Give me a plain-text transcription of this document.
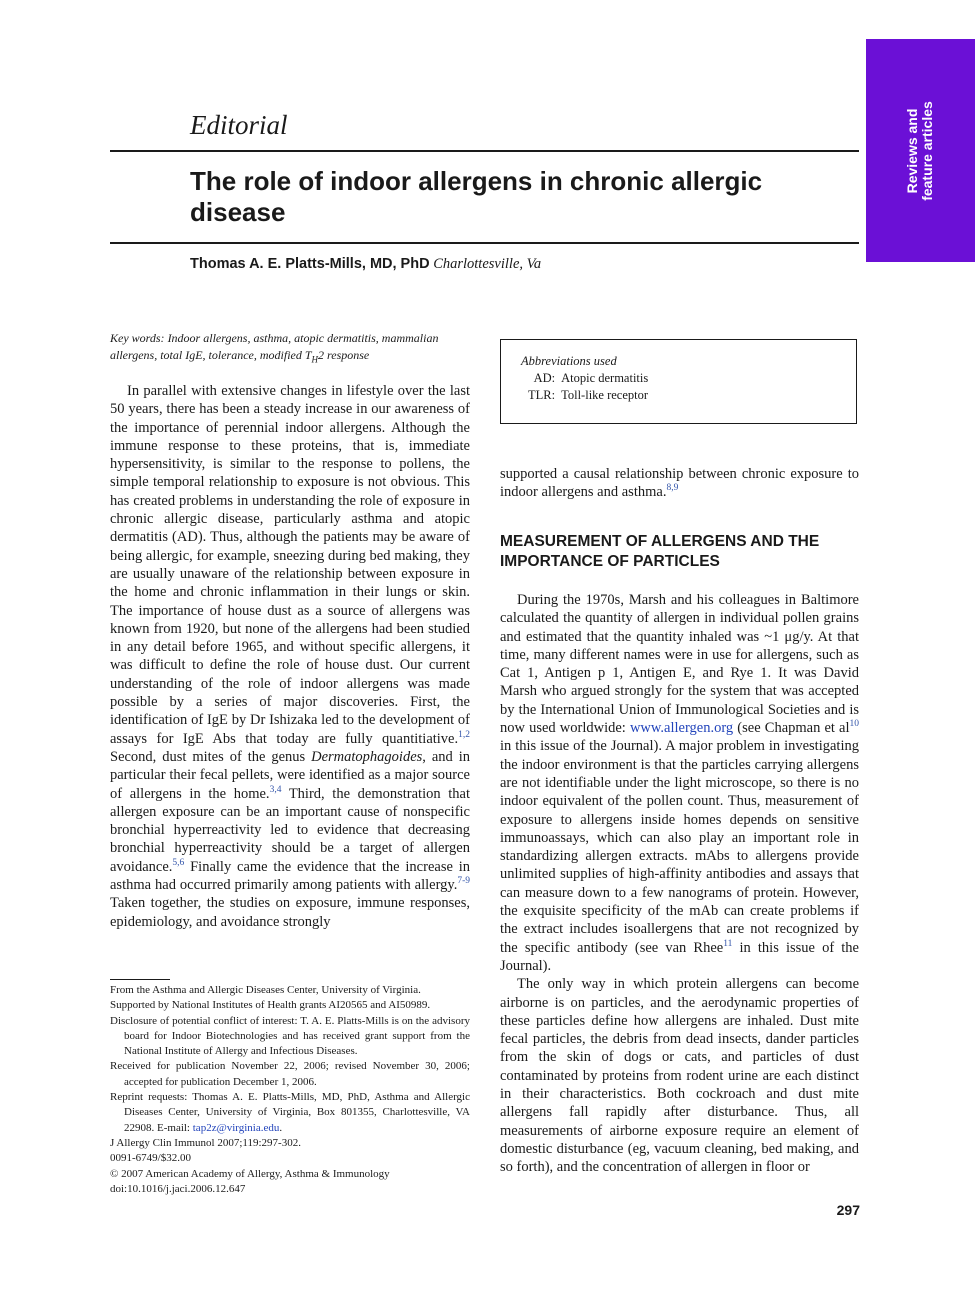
Reviews and
feature articles
Editorial
The role of indoor allergens in chronic allergic disease
Thomas A. E. Platts-Mills, MD, PhD Charlottesville, Va
Key words: Indoor allergens, asthma, atopic dermatitis, mammalian allergens, total IgE, tolerance, modified $T_H2$ response

In parallel with extensive changes in lifestyle over the last 50 years, there has been a steady increase in our awareness of the importance of perennial indoor allergens. Although the immune response to these proteins, that is, immediate hypersensitivity, is similar to the response to pollens, the simple temporal relationship to exposure is not obvious. This has created problems in understanding the role of exposure in chronic allergic disease, particularly asthma and atopic dermatitis (AD). Thus, although the patients may be aware of being allergic, for example, sneezing during bed making, they are usually unaware of the relationship between exposure in the home and chronic inflammation in their lungs or skin. The importance of house dust as a source of allergens was known from 1920, but none of the allergens had been studied in any detail before 1965, and without specific allergens, it was difficult to define the role of house dust. Our current understanding of the role of indoor allergens was made possible by a series of major discoveries. First, the identification of IgE by Dr Ishizaka led to the development of assays for IgE Abs that today are fully quantitiative.$^{1,2}$ Second, dust mites of the genus Dermatophagoides, and in particular their fecal pellets, were identified as a major source of allergens in the home.$^{3,4}$ Third, the demonstration that allergen exposure can be an important cause of nonspecific bronchial hyperreactivity led to evidence that decreasing bronchial hyperreactivity should be a target of allergen avoidance.$^{5,6}$ Finally came the evidence that the increase in asthma had occurred primarily among patients with allergy.$^{7-9}$ Taken together, the studies on exposure, immune responses, epidemiology, and avoidance strongly

Abbreviations used
AD:	Atopic dermatitis
TLR:	Toll-like receptor

supported a causal relationship between chronic exposure to indoor allergens and asthma.$^{8,9}$

MEASUREMENT OF ALLERGENS AND THE IMPORTANCE OF PARTICLES

During the 1970s, Marsh and his colleagues in Baltimore calculated the quantity of allergen in individual pollen grains and estimated that the quantity inhaled was ~1 μg/y. At that time, many different names were in use for allergens, such as Cat 1, Antigen p 1, Antigen E, and Rye 1. It was David Marsh who argued strongly for the system that was accepted by the International Union of Immunological Societies and is now used worldwide: www.allergen.org (see Chapman et $al^{10}$ in this issue of the Journal). A major problem in investigating the indoor environment is that the particles carrying allergens are not identifiable under the light microscope, so there is no indoor equivalent of the pollen count. Thus, measurement of exposure to allergens inside homes depends on sensitive immunoassays, which can also play an important role in standardizing allergen extracts. mAbs to allergens provide unlimited supplies of high-affinity antibodies and assays that can measure down to a few nanograms of protein. However, the exquisite specificity of the mAb can create problems if the extract includes isoallergens that are not recognized by the specific antibody (see van Rhee$^{11}$ in this issue of the Journal).

The only way in which protein allergens can become airborne is on particles, and the aerodynamic properties of these particles define how allergens are inhaled. Dust mite fecal particles, the debris from dead insects, dander particles from the skin of dogs or cats, and particles of dust contaminated by proteins from rodent urine are each distinct in their characteristics. Both cockroach and dust mite allergens fall rapidly after disturbance. Thus, all measurements of airborne exposure require an element of domestic disturbance (eg, vacuum cleaning, bed making, and so forth), and the concentration of allergen in floor or

From the Asthma and Allergic Diseases Center, University of Virginia.

Supported by National Institutes of Health grants AI20565 and AI50989.

Disclosure of potential conflict of interest: T. A. E. Platts-Mills is on the advisory board for Indoor Biotechnologies and has received grant support from the National Institute of Allergy and Infectious Diseases.

Received for publication November 22, 2006; revised November 30, 2006; accepted for publication December 1, 2006.

Reprint requests: Thomas A. E. Platts-Mills, MD, PhD, Asthma and Allergic Diseases Center, University of Virginia, Box 801355, Charlottesville, VA 22908. E-mail: tap2z@virginia.edu.

J Allergy Clin Immunol 2007;119:297-302.

0091-6749/$32.00

© 2007 American Academy of Allergy, Asthma & Immunology

doi:10.1016/j.jaci.2006.12.647

297
